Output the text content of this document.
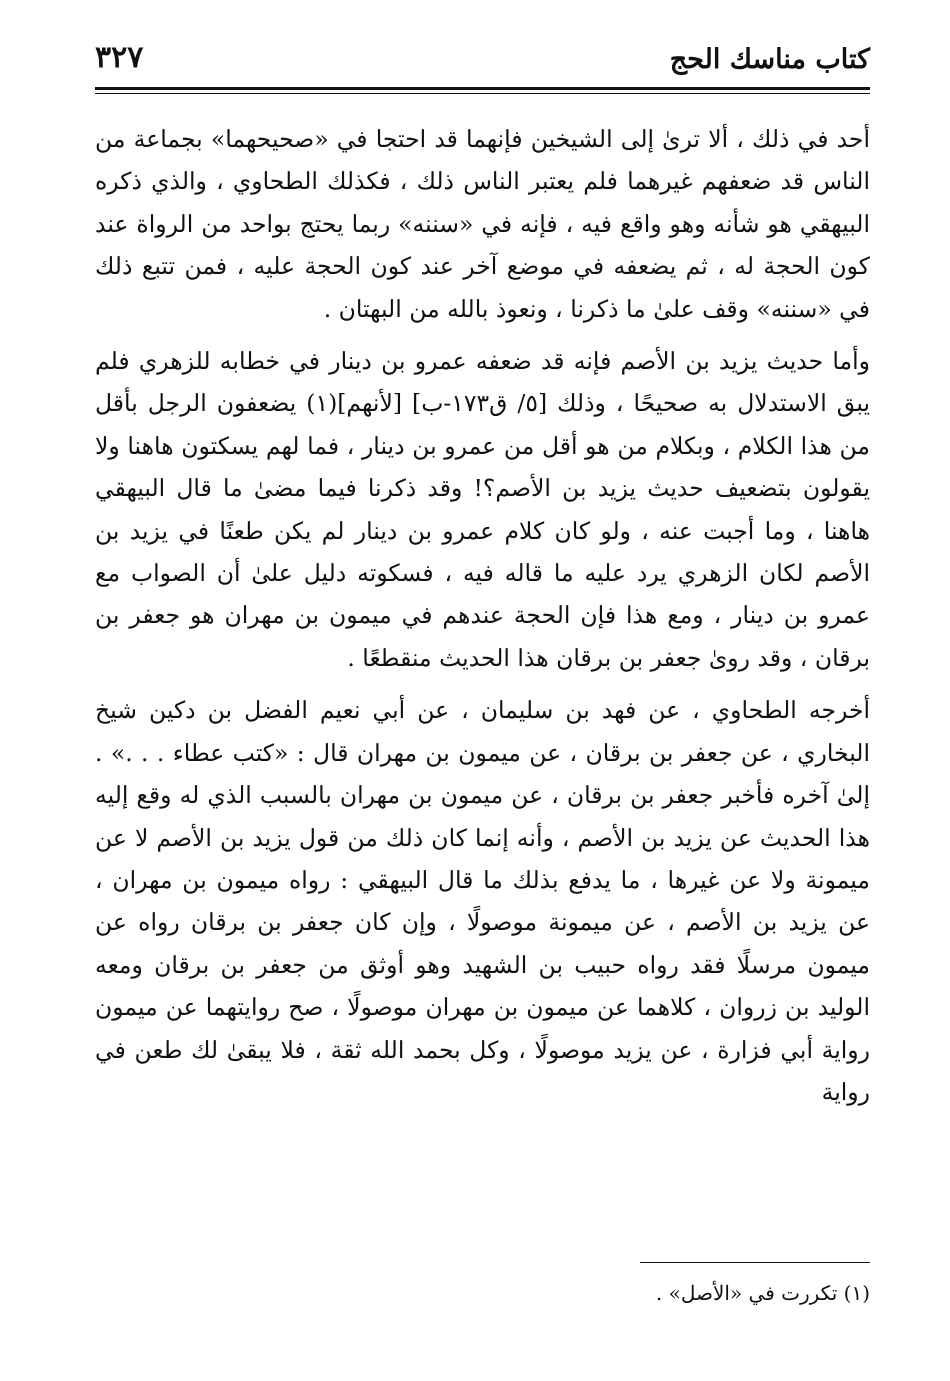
كتاب مناسك الحج
٣٢٧

أحد في ذلك ، ألا ترىٰ إلى الشيخين فإنهما قد احتجا في «صحيحهما» بجماعة من الناس قد ضعفهم غيرهما فلم يعتبر الناس ذلك ، فكذلك الطحاوي ، والذي ذكره البيهقي هو شأنه وهو واقع فيه ، فإنه في «سننه» ربما يحتج بواحد من الرواة عند كون الحجة له ، ثم يضعفه في موضع آخر عند كون الحجة عليه ، فمن تتبع ذلك في «سننه» وقف علىٰ ما ذكرنا ، ونعوذ بالله من البهتان .

وأما حديث يزيد بن الأصم فإنه قد ضعفه عمرو بن دينار في خطابه للزهري فلم يبق الاستدلال به صحيحًا ، وذلك [٥/ ق١٧٣-ب] [لأنهم](١) يضعفون الرجل بأقل من هذا الكلام ، وبكلام من هو أقل من عمرو بن دينار ، فما لهم يسكتون هاهنا ولا يقولون بتضعيف حديث يزيد بن الأصم؟! وقد ذكرنا فيما مضىٰ ما قال البيهقي هاهنا ، وما أجبت عنه ، ولو كان كلام عمرو بن دينار لم يكن طعنًا في يزيد بن الأصم لكان الزهري يرد عليه ما قاله فيه ، فسكوته دليل علىٰ أن الصواب مع عمرو بن دينار ، ومع هذا فإن الحجة عندهم في ميمون بن مهران هو جعفر بن برقان ، وقد روىٰ جعفر بن برقان هذا الحديث منقطعًا .

أخرجه الطحاوي ، عن فهد بن سليمان ، عن أبي نعيم الفضل بن دكين شيخ البخاري ، عن جعفر بن برقان ، عن ميمون بن مهران قال : «كتب عطاء . . .» . إلىٰ آخره فأخبر جعفر بن برقان ، عن ميمون بن مهران بالسبب الذي له وقع إليه هذا الحديث عن يزيد بن الأصم ، وأنه إنما كان ذلك من قول يزيد بن الأصم لا عن ميمونة ولا عن غيرها ، ما يدفع بذلك ما قال البيهقي : رواه ميمون بن مهران ، عن يزيد بن الأصم ، عن ميمونة موصولًا ، وإن كان جعفر بن برقان رواه عن ميمون مرسلًا فقد رواه حبيب بن الشهيد وهو أوثق من جعفر بن برقان ومعه الوليد بن زروان ، كلاهما عن ميمون بن مهران موصولًا ، صح روايتهما عن ميمون رواية أبي فزارة ، عن يزيد موصولًا ، وكل بحمد الله ثقة ، فلا يبقىٰ لك طعن في رواية

(١) تكررت في «الأصل» .
